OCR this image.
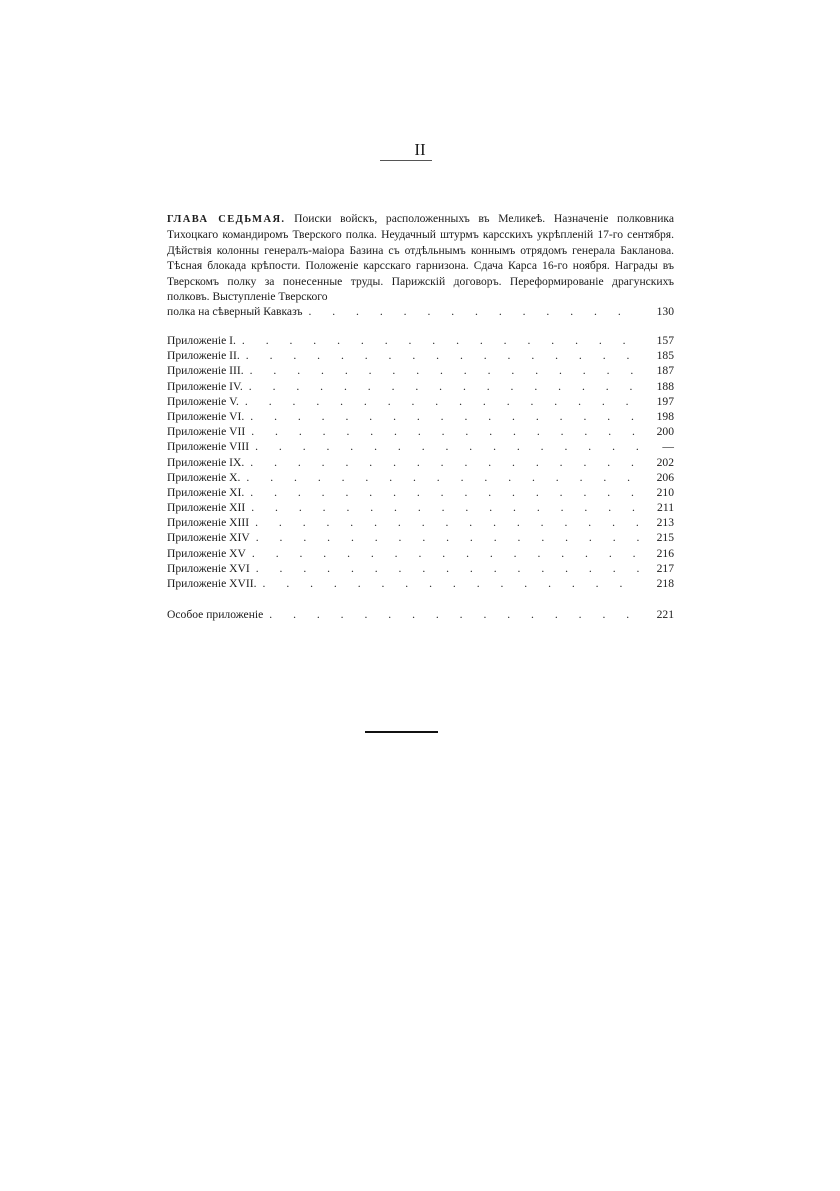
II
ГЛАВА СЕДЬМАЯ. Поиски войскъ, расположенныхъ въ Меликеѣ. Назначеніе полковника Тихоцкаго командиромъ Тверского полка. Неудачный штурмъ карсскихъ укрѣпленій 17-го сентября. Дѣйствія колонны генералъ-маіора Базина съ отдѣльнымъ коннымъ отрядомъ генерала Бакланова. Тѣсная блокада крѣпости. Положеніе карсскаго гарнизона. Сдача Карса 16-го ноября. Награды въ Тверскомъ полку за понесенные труды. Парижскій договоръ. Переформированіе драгунскихъ полковъ. Выступленіе Тверского
полка на сѣверный Кавказъ . . .	130
Приложеніе I. . . .	157
Приложеніе II. . . .	185
Приложеніе III. . . .	187
Приложеніе IV. . . .	188
Приложеніе V. . . .	197
Приложеніе VI. . . .	198
Приложеніе VII . . .	200
Приложеніе VIII . . .	—
Приложеніе IX. . . .	202
Приложеніе X. . . .	206
Приложеніе XI. . . .	210
Приложеніе XII . . .	211
Приложеніе XIII . . .	213
Приложеніе XIV . . .	215
Приложеніе XV . . .	216
Приложеніе XVI . . .	217
Приложеніе XVII. . . .	218
Особое приложеніе . . .	221
